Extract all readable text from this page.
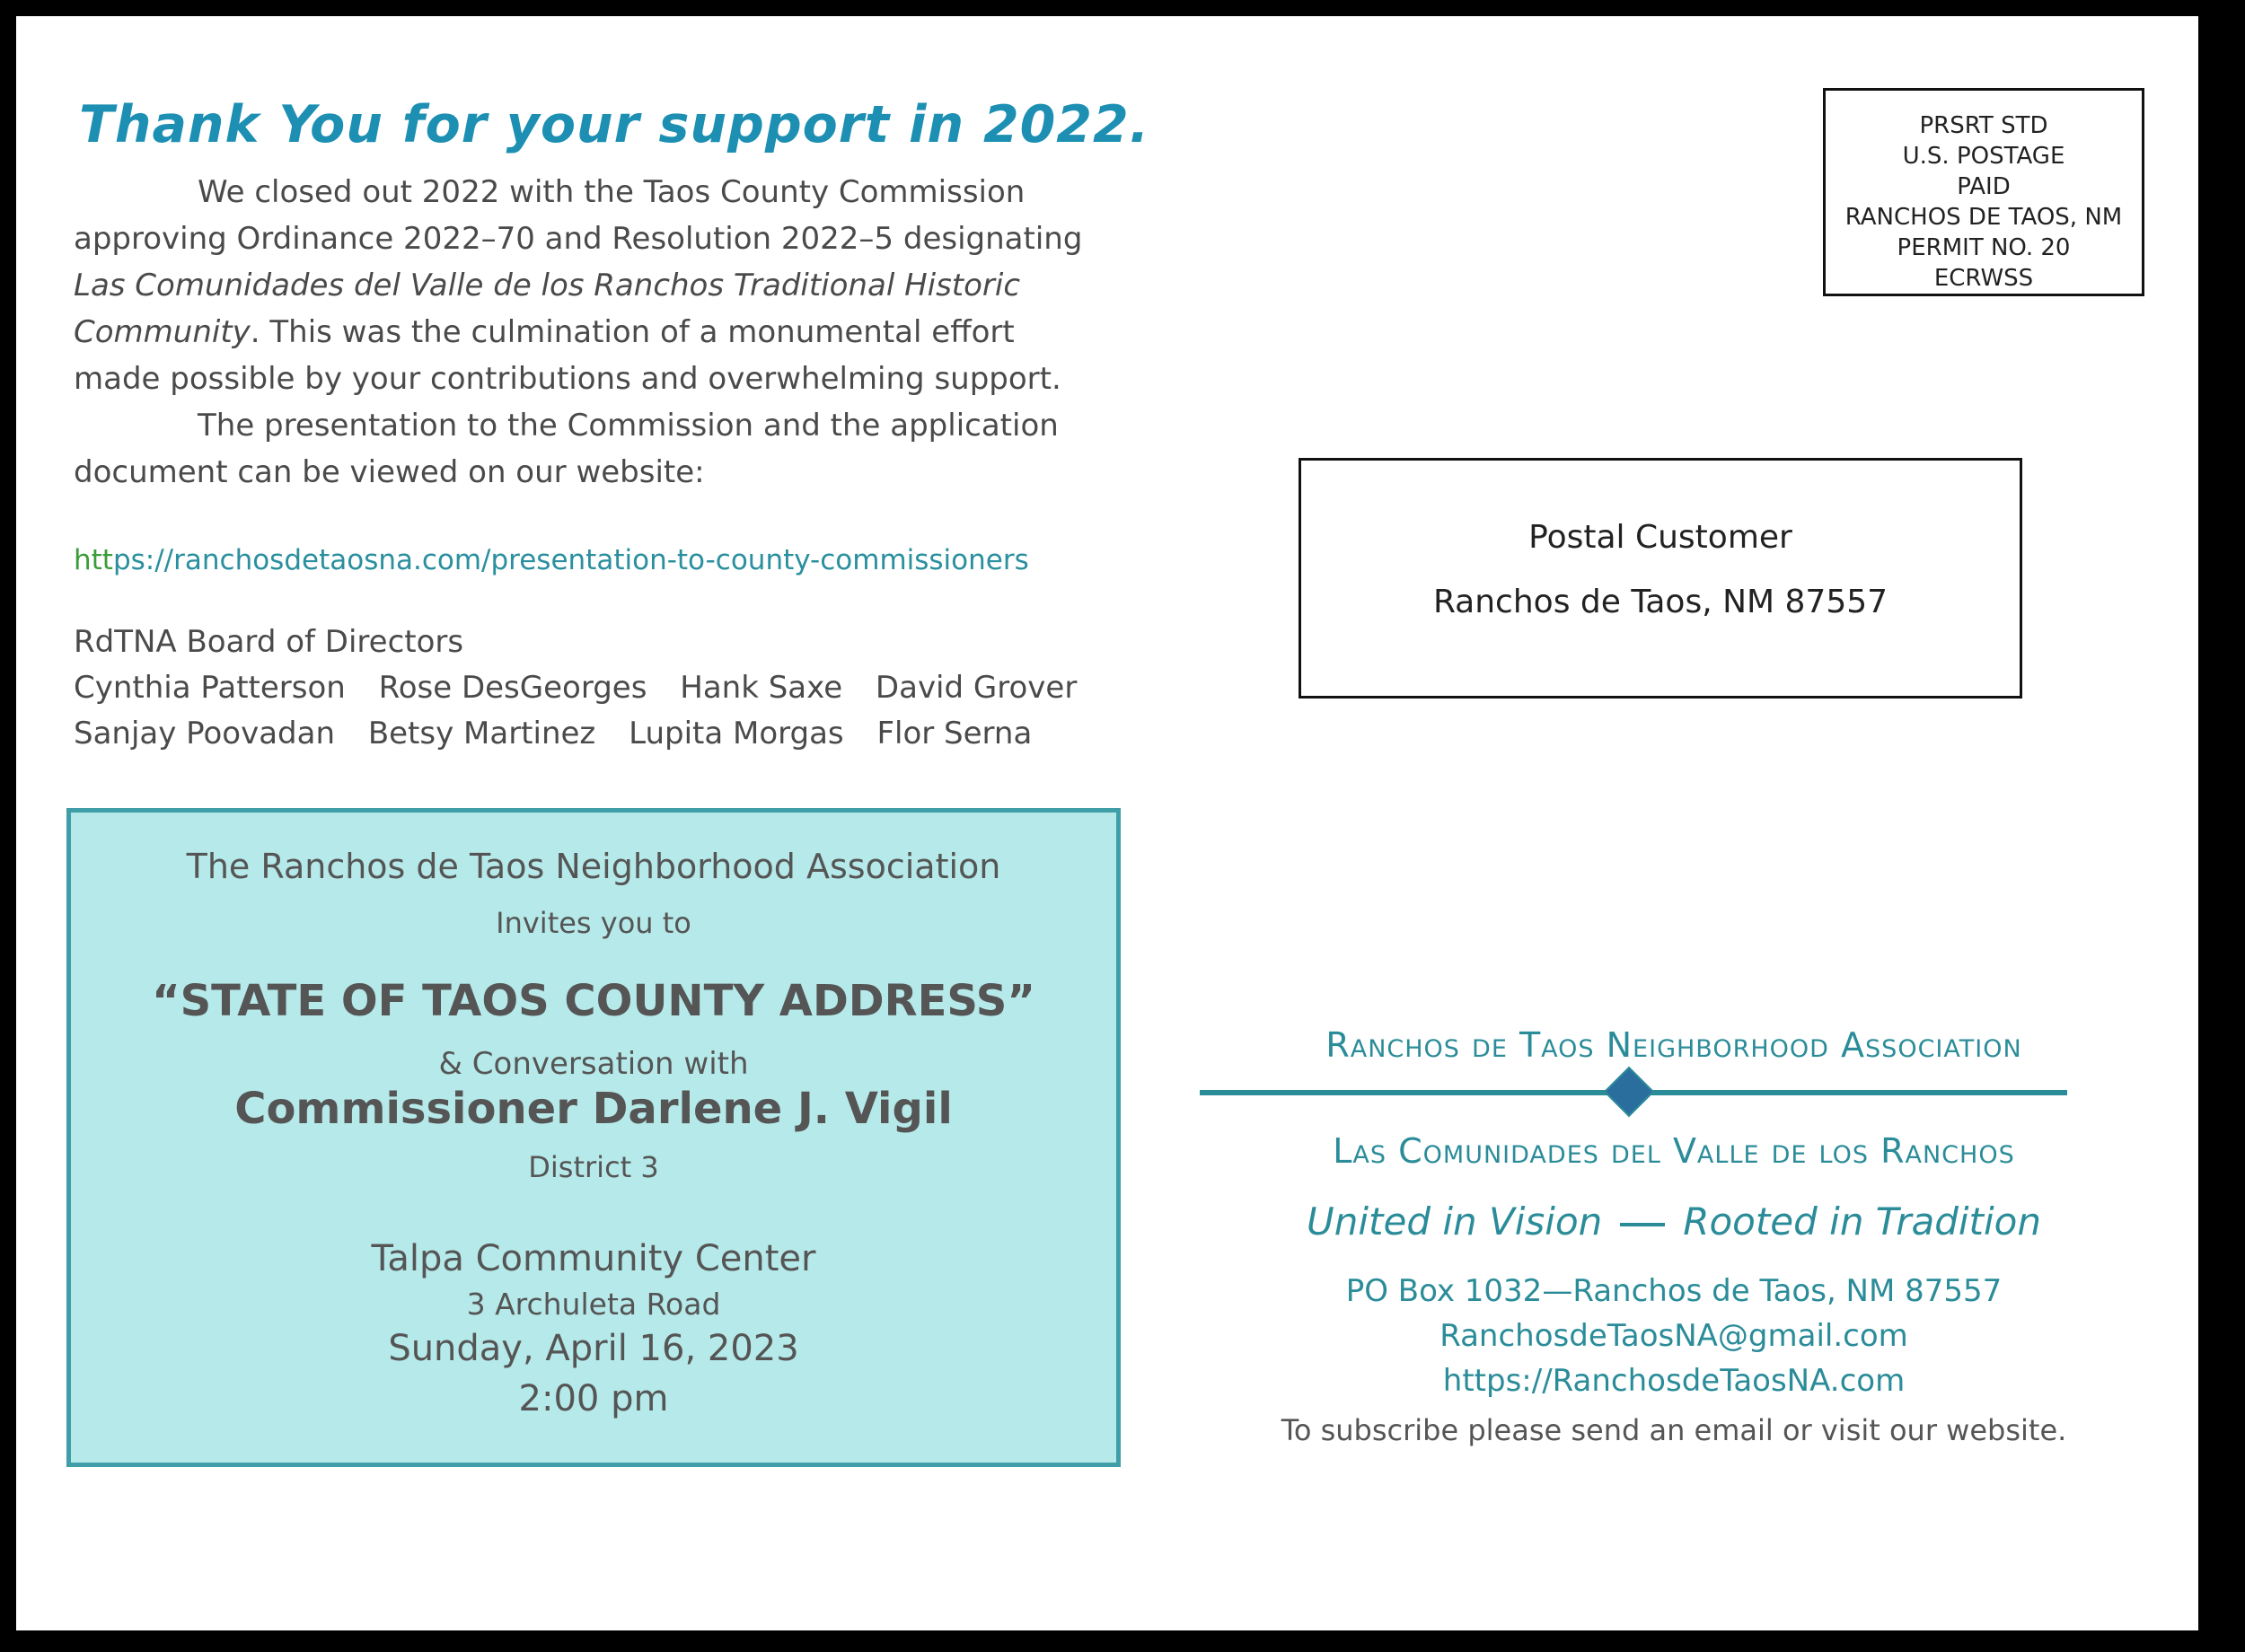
Thank You for your support in 2022.

We closed out 2022 with the Taos County Commission
approving Ordinance 2022–70 and Resolution 2022–5 designating
Las Comunidades del Valle de los Ranchos Traditional Historic
Community. This was the culmination of a monumental effort
made possible by your contributions and overwhelming support.

The presentation to the Commission and the application
document can be viewed on our website:

https://ranchosdetaosna.com/presentation-to-county-commissioners
RdTNA Board of Directors
Cynthia Patterson Rose DesGeorges Hank Saxe David Grover
Sanjay Poovadan Betsy Martinez Lupita Morgas Flor Serna
PRSRT STD
U.S. POSTAGE
PAID
RANCHOS DE TAOS, NM
PERMIT NO. 20
ECRWSS
Postal Customer
Ranchos de Taos, NM 87557
The Ranchos de Taos Neighborhood Association
Invites you to
“STATE OF TAOS COUNTY ADDRESS”
& Conversation with
Commissioner Darlene J. Vigil
District 3
Talpa Community Center
3 Archuleta Road
Sunday, April 16, 2023
2:00 pm
Ranchos de Taos Neighborhood Association
Las Comunidades del Valle de los Ranchos
United in Vision Rooted in Tradition
PO Box 1032—Ranchos de Taos, NM 87557
RanchosdeTaosNA@gmail.com
https://RanchosdeTaosNA.com
To subscribe please send an email or visit our website.
